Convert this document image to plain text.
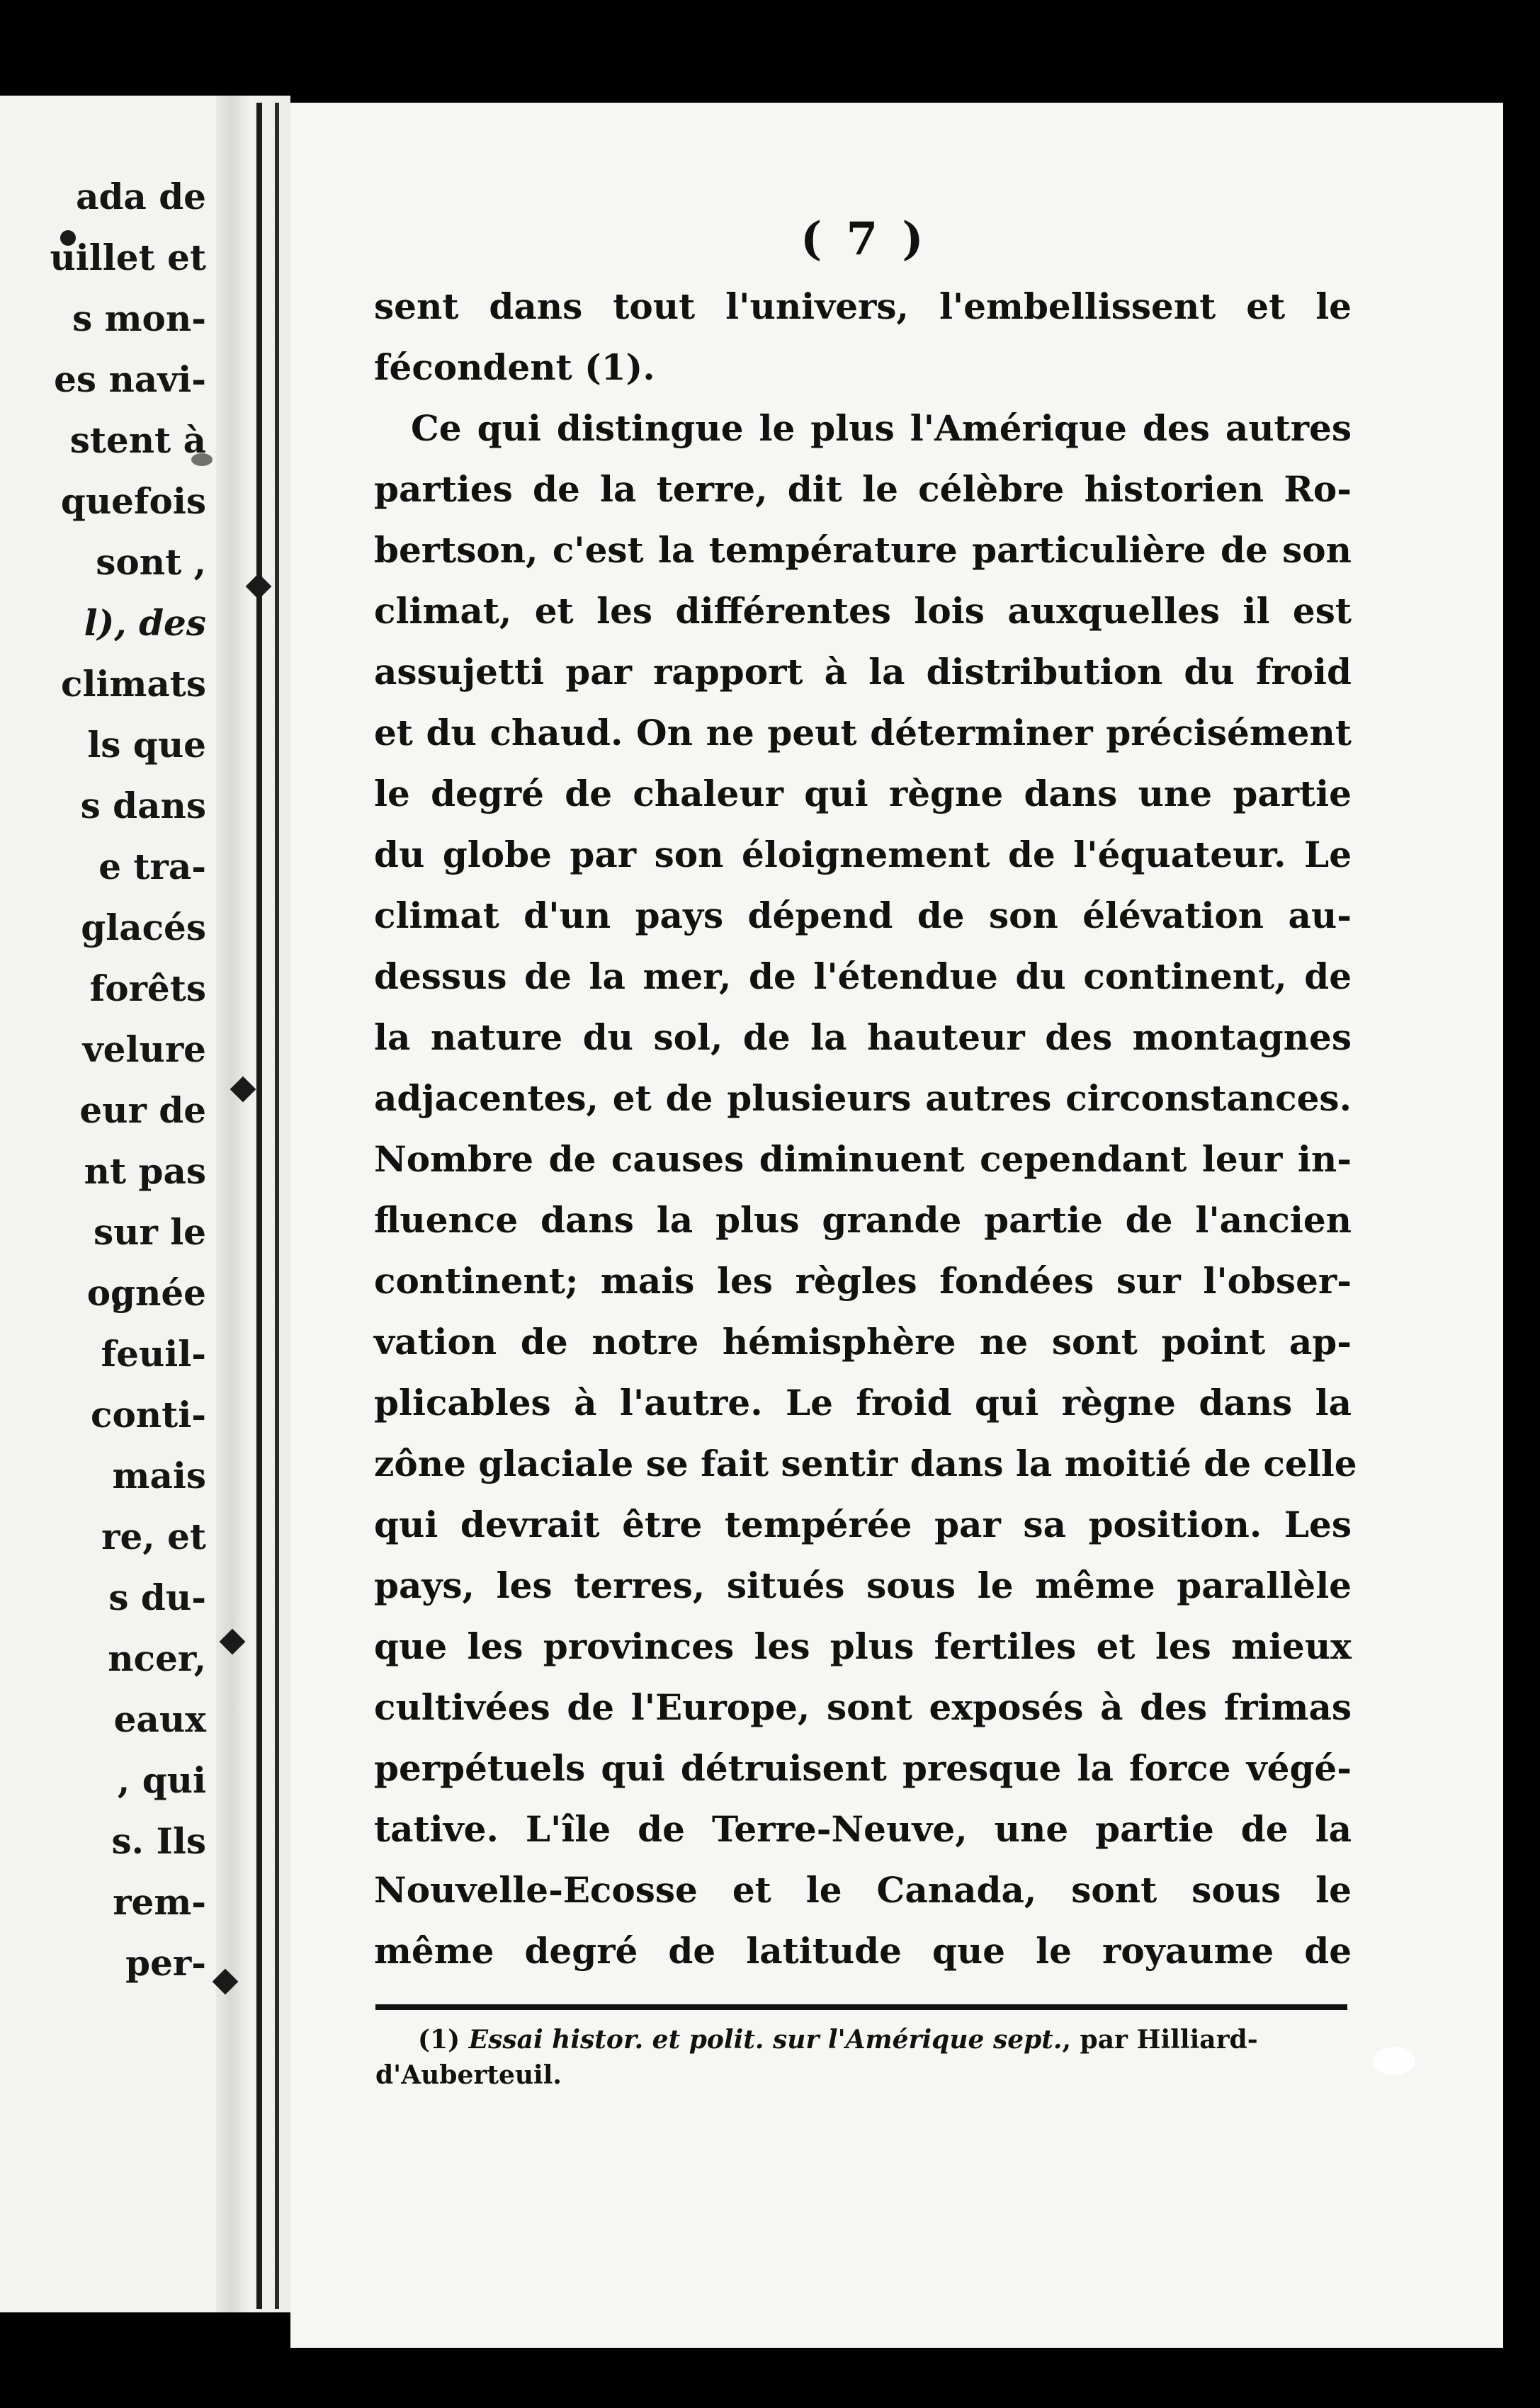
ada de
uillet et
s mon-
es navi-
stent à
quefois
sont ,
l), des
climats
ls que
s dans
e tra-
glacés
forêts
velure
eur de
nt pas
sur le
ognée
feuil-
conti-
mais
re, et
s du-
ncer,
eaux
, qui
s. Ils
rem-
per-
( 7 )
sent dans tout l'univers, l'embellissent et le
fécondent (1).
Ce qui distingue le plus l'Amérique des autres
parties de la terre, dit le célèbre historien Ro-
bertson, c'est la température particulière de son
climat, et les différentes lois auxquelles il est
assujetti par rapport à la distribution du froid
et du chaud. On ne peut déterminer précisément
le degré de chaleur qui règne dans une partie
du globe par son éloignement de l'équateur. Le
climat d'un pays dépend de son élévation au-
dessus de la mer, de l'étendue du continent, de
la nature du sol, de la hauteur des montagnes
adjacentes, et de plusieurs autres circonstances.
Nombre de causes diminuent cependant leur in-
fluence dans la plus grande partie de l'ancien
continent; mais les règles fondées sur l'obser-
vation de notre hémisphère ne sont point ap-
plicables à l'autre. Le froid qui règne dans la
zône glaciale se fait sentir dans la moitié de celle
qui devrait être tempérée par sa position. Les
pays, les terres, situés sous le même parallèle
que les provinces les plus fertiles et les mieux
cultivées de l'Europe, sont exposés à des frimas
perpétuels qui détruisent presque la force végé-
tative. L'île de Terre-Neuve, une partie de la
Nouvelle-Ecosse et le Canada, sont sous le
même degré de latitude que le royaume de
(1) Essai histor. et polit. sur l'Amérique sept., par Hilliard-
d'Auberteuil.
